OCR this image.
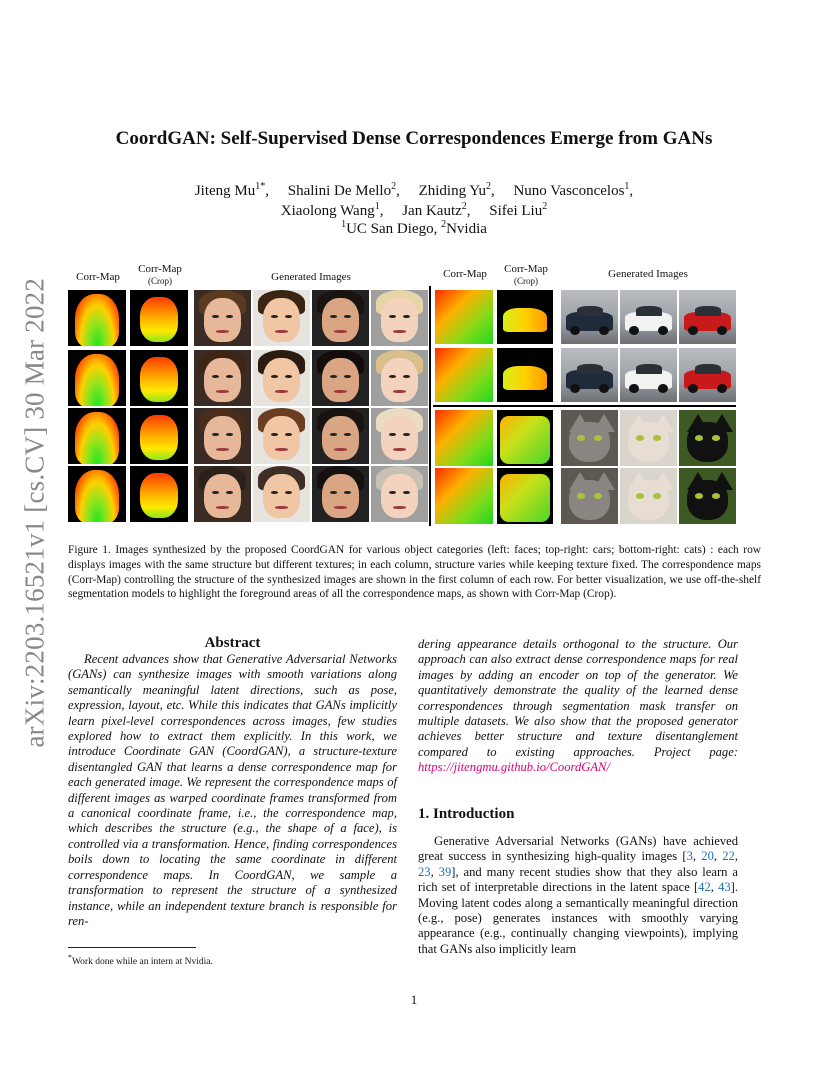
arXiv:2203.16521v1 [cs.CV] 30 Mar 2022
CoordGAN: Self-Supervised Dense Correspondences Emerge from GANs
Jiteng $Mu^{1*}$,     Shalini De Mello$^2$,     Zhiding Yu$^2$,     Nuno Vasconcelos$^1$,
Xiaolong Wang$^1$,     Jan Kautz$^2$,     Sifei Liu$^2$
$^1$UC San Diego, $^2$Nvidia
Corr-Map
Corr-Map
(Crop)	Generated Images	Corr-Map	Corr-Map
(Crop)
Generated Images
Figure 1. Images synthesized by the proposed CoordGAN for various object categories (left: faces; top-right: cars; bottom-right: cats) : each row displays images with the same structure but different textures; in each column, structure varies while keeping texture fixed. The correspondence maps (Corr-Map) controlling the structure of the synthesized images are shown in the first column of each row. For better visualization, we use off-the-shelf segmentation models to highlight the foreground areas of all the correspondence maps, as shown with Corr-Map (Crop).
Abstract
Recent advances show that Generative Adversarial Networks (GANs) can synthesize images with smooth variations along semantically meaningful latent directions, such as pose, expression, layout, etc. While this indicates that GANs implicitly learn pixel-level correspondences across images, few studies explored how to extract them explicitly. In this work, we introduce Coordinate GAN (CoordGAN), a structure-texture disentangled GAN that learns a dense correspondence map for each generated image. We represent the correspondence maps of different images as warped coordinate frames transformed from a canonical coordinate frame, i.e., the correspondence map, which describes the structure (e.g., the shape of a face), is controlled via a transformation. Hence, finding correspondences boils down to locating the same coordinate in different correspondence maps. In CoordGAN, we sample a transformation to represent the structure of a synthesized instance, while an independent texture branch is responsible for ren-
dering appearance details orthogonal to the structure. Our approach can also extract dense correspondence maps for real images by adding an encoder on top of the generator. We quantitatively demonstrate the quality of the learned dense correspondences through segmentation mask transfer on multiple datasets. We also show that the proposed generator achieves better structure and texture disentanglement compared to existing approaches. Project page: https://jitengmu.github.io/CoordGAN/
1. Introduction
Generative Adversarial Networks (GANs) have achieved great success in synthesizing high-quality images [3, 20, 22, 23, 39], and many recent studies show that they also learn a rich set of interpretable directions in the latent space [42, 43]. Moving latent codes along a semantically meaningful direction (e.g., pose) generates instances with smoothly varying appearance (e.g., continually changing viewpoints), implying that GANs also implicitly learn
*Work done while an intern at Nvidia.
1
